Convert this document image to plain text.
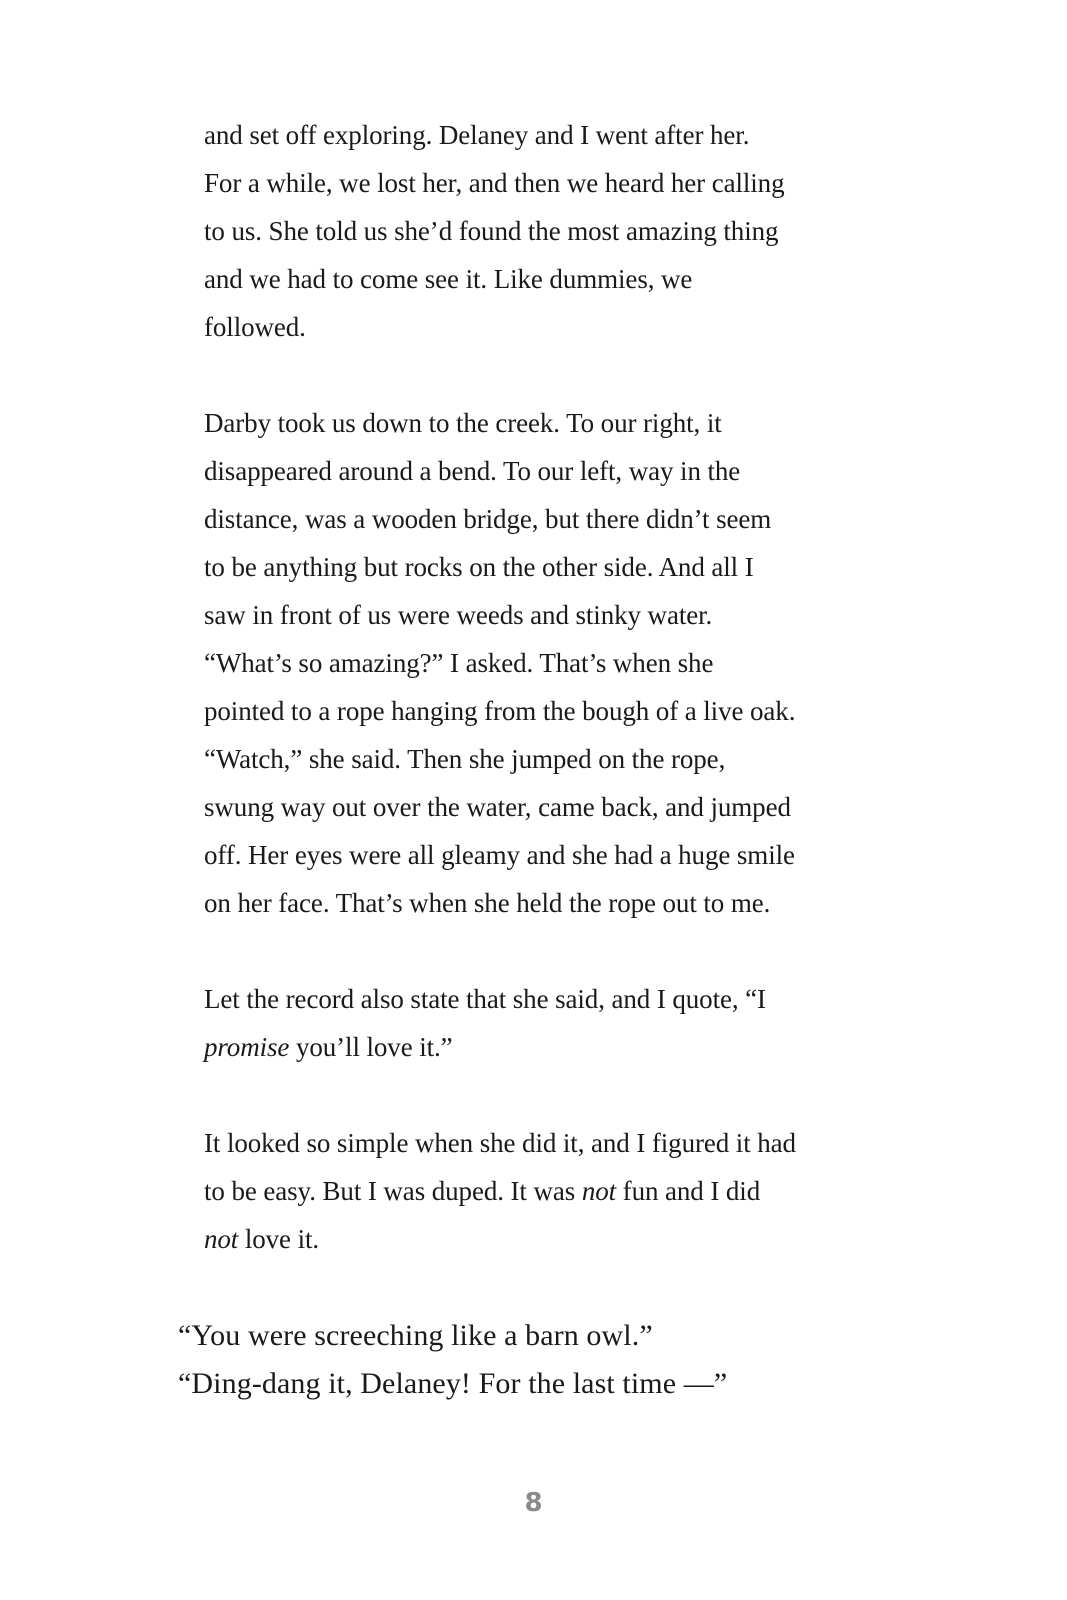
and set off exploring. Delaney and I went after her.

For a while, we lost her, and then we heard her calling

to us. She told us she’d found the most amazing thing

and we had to come see it. Like dummies, we

followed.

Darby took us down to the creek. To our right, it

disappeared around a bend. To our left, way in the

distance, was a wooden bridge, but there didn’t seem

to be anything but rocks on the other side. And all I

saw in front of us were weeds and stinky water.

“What’s so amazing?” I asked. That’s when she

pointed to a rope hanging from the bough of a live oak.

“Watch,” she said. Then she jumped on the rope,

swung way out over the water, came back, and jumped

off. Her eyes were all gleamy and she had a huge smile

on her face. That’s when she held the rope out to me.

Let the record also state that she said, and I quote, “I

promise you’ll love it.”

It looked so simple when she did it, and I figured it had

to be easy. But I was duped. It was not fun and I did

not love it.

“You were screeching like a barn owl.”

“Ding-dang it, Delaney! For the last time —”

8
